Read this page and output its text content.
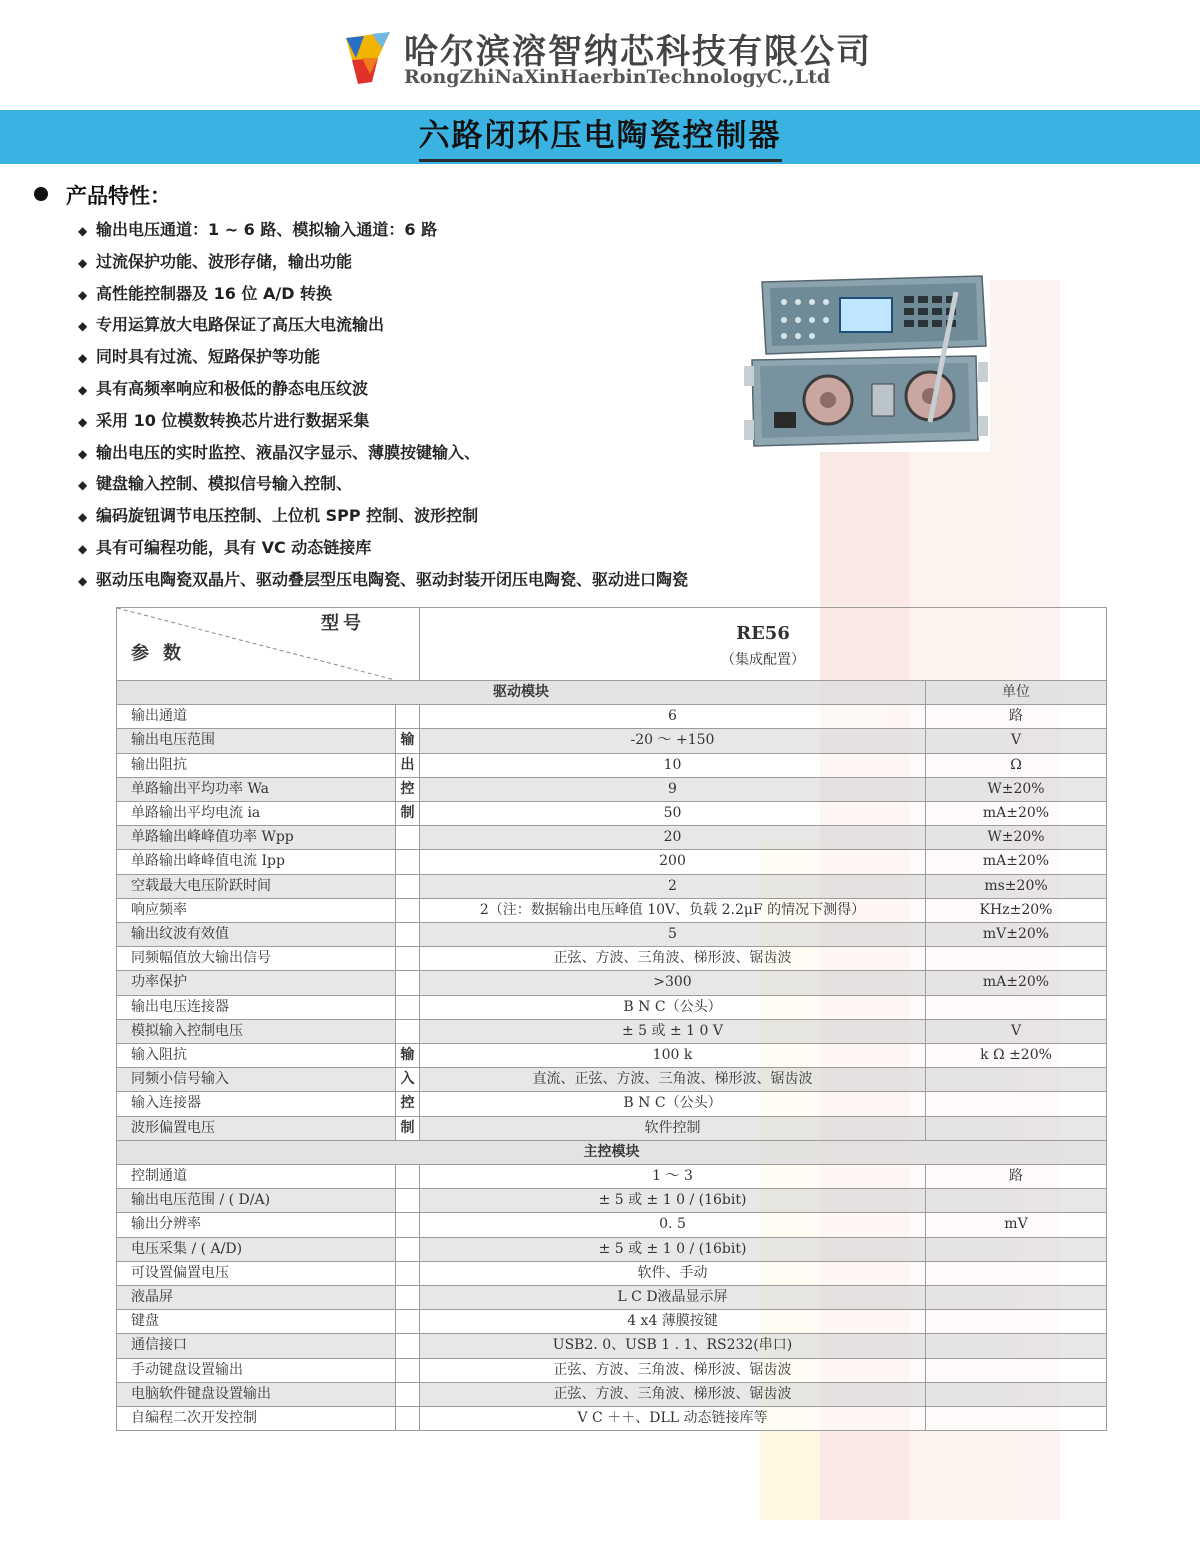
哈尔滨溶智纳芯科技有限公司
RongZhiNaXinHaerbinTechnologyC.,Ltd
六路闭环压电陶瓷控制器
产品特性：
◆ 输出电压通道：1 ~ 6 路、模拟输入通道：6 路
◆ 过流保护功能、波形存储，输出功能
◆ 高性能控制器及 16 位 A/D 转换
◆ 专用运算放大电路保证了高压大电流输出
◆ 同时具有过流、短路保护等功能
◆ 具有高频率响应和极低的静态电压纹波
◆ 采用 10 位模数转换芯片进行数据采集
◆ 输出电压的实时监控、液晶汉字显示、薄膜按键输入、
◆ 键盘输入控制、模拟信号输入控制、
◆ 编码旋钮调节电压控制、上位机 SPP 控制、波形控制
◆ 具有可编程功能，具有 VC 动态链接库
◆ 驱动压电陶瓷双晶片、驱动叠层型压电陶瓷、驱动封装开闭压电陶瓷、驱动进口陶瓷
型号
参数		RE56
（集成配置）	

驱动模块			单位
输出通道		6	路
输出电压范围	输	-20 ～ +150	V
输出阻抗	出	10	Ω
单路输出平均功率 Wa	控	9	W±20%
单路输出平均电流 ia	制	50	mA±20%
单路输出峰峰值功率 Wpp		20	W±20%
单路输出峰峰值电流 Ipp		200	mA±20%
空载最大电压阶跃时间		2	ms±20%
响应频率		2（注：数据输出电压峰值 10V、负载 2.2μF 的情况下测得）	KHz±20%
输出纹波有效值		5	mV±20%
同频幅值放大输出信号		正弦、方波、三角波、梯形波、锯齿波	
功率保护		>300	mA±20%
输出电压连接器		B N C（公头）	
模拟输入控制电压		± 5 或 ± 1 0 V	V
输入阻抗	输	100 k	k Ω ±20%
同频小信号输入	入	直流、正弦、方波、三角波、梯形波、锯齿波	
输入连接器	控	B N C（公头）	
波形偏置电压	制	软件控制	
主控模块			
控制通道		1 ～ 3	路
输出电压范围 / ( D/A)		± 5 或 ± 1 0 / (16bit)	
输出分辨率		0. 5	mV
电压采集 / ( A/D)		± 5 或 ± 1 0 / (16bit)	
可设置偏置电压		软件、手动	
液晶屏		L C D液晶显示屏	
键盘		4 x4 薄膜按键	
通信接口		USB2. 0、USB 1 . 1、RS232(串口)	
手动键盘设置输出		正弦、方波、三角波、梯形波、锯齿波	
电脑软件键盘设置输出		正弦、方波、三角波、梯形波、锯齿波	
自编程二次开发控制		V C ＋＋、DLL 动态链接库等	
